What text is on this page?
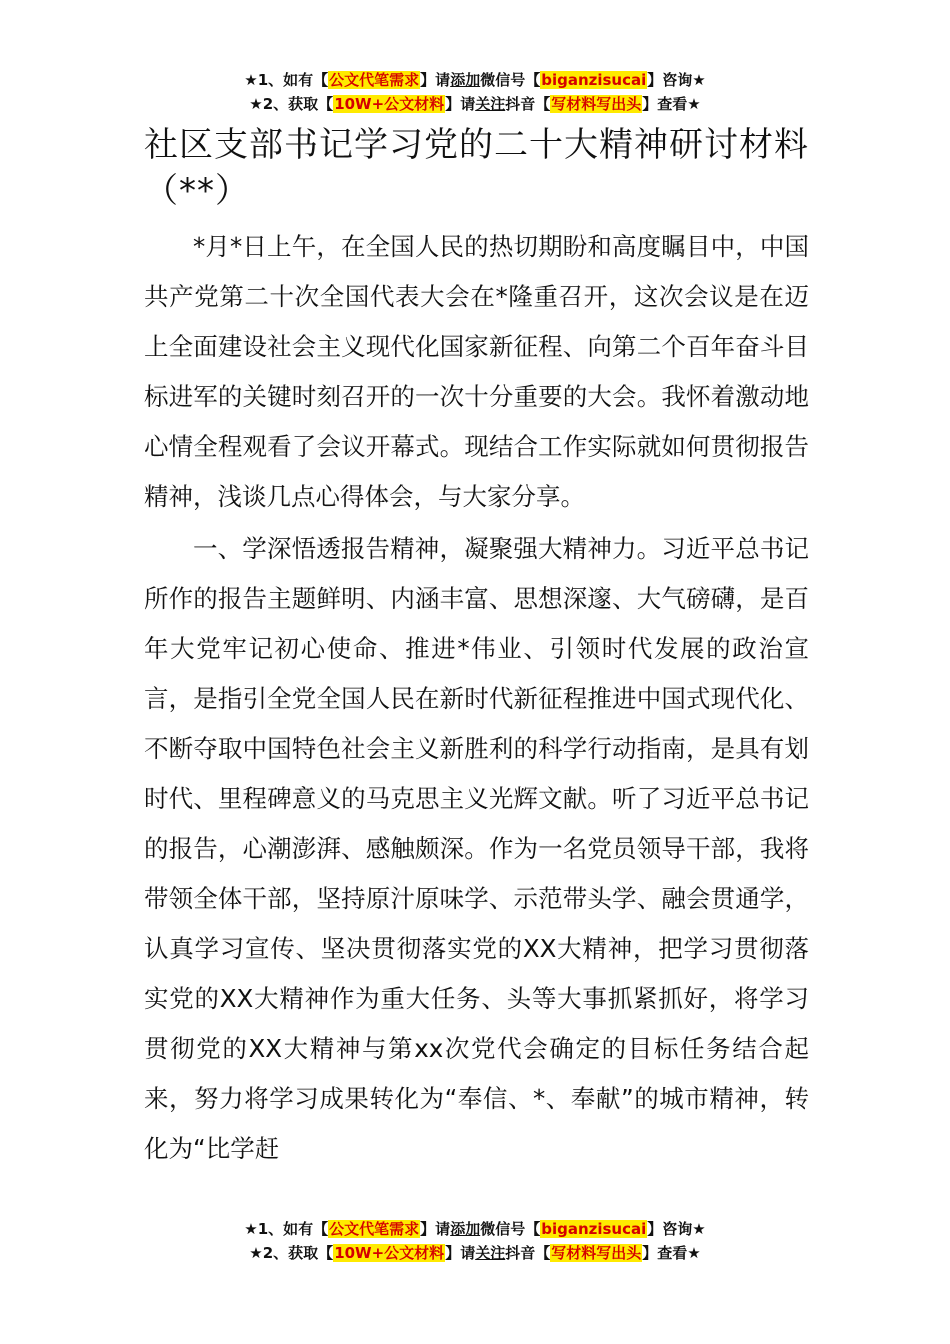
★1、如有【公文代笔需求】请添加微信号【biganzisucai】咨询★
★2、获取【10W+公文材料】请关注抖音【写材料写出头】查看★
社区支部书记学习党的二十大精神研讨材料（**）

*月*日上午，在全国人民的热切期盼和高度瞩目中，中国共产党第二十次全国代表大会在*隆重召开，这次会议是在迈上全面建设社会主义现代化国家新征程、向第二个百年奋斗目标进军的关键时刻召开的一次十分重要的大会。我怀着激动地心情全程观看了会议开幕式。现结合工作实际就如何贯彻报告精神，浅谈几点心得体会，与大家分享。

一、学深悟透报告精神，凝聚强大精神力。习近平总书记所作的报告主题鲜明、内涵丰富、思想深邃、大气磅礴，是百年大党牢记初心使命、推进*伟业、引领时代发展的政治宣言，是指引全党全国人民在新时代新征程推进中国式现代化、不断夺取中国特色社会主义新胜利的科学行动指南，是具有划时代、里程碑意义的马克思主义光辉文献。听了习近平总书记的报告，心潮澎湃、感触颇深。作为一名党员领导干部，我将带领全体干部，坚持原汁原味学、示范带头学、融会贯通学，认真学习宣传、坚决贯彻落实党的XX大精神，把学习贯彻落实党的XX大精神作为重大任务、头等大事抓紧抓好，将学习贯彻党的XX大精神与第xx次党代会确定的目标任务结合起来，努力将学习成果转化为“奉信、*、奉献”的城市精神，转化为“比学赶

★1、如有【公文代笔需求】请添加微信号【biganzisucai】咨询★
★2、获取【10W+公文材料】请关注抖音【写材料写出头】查看★
